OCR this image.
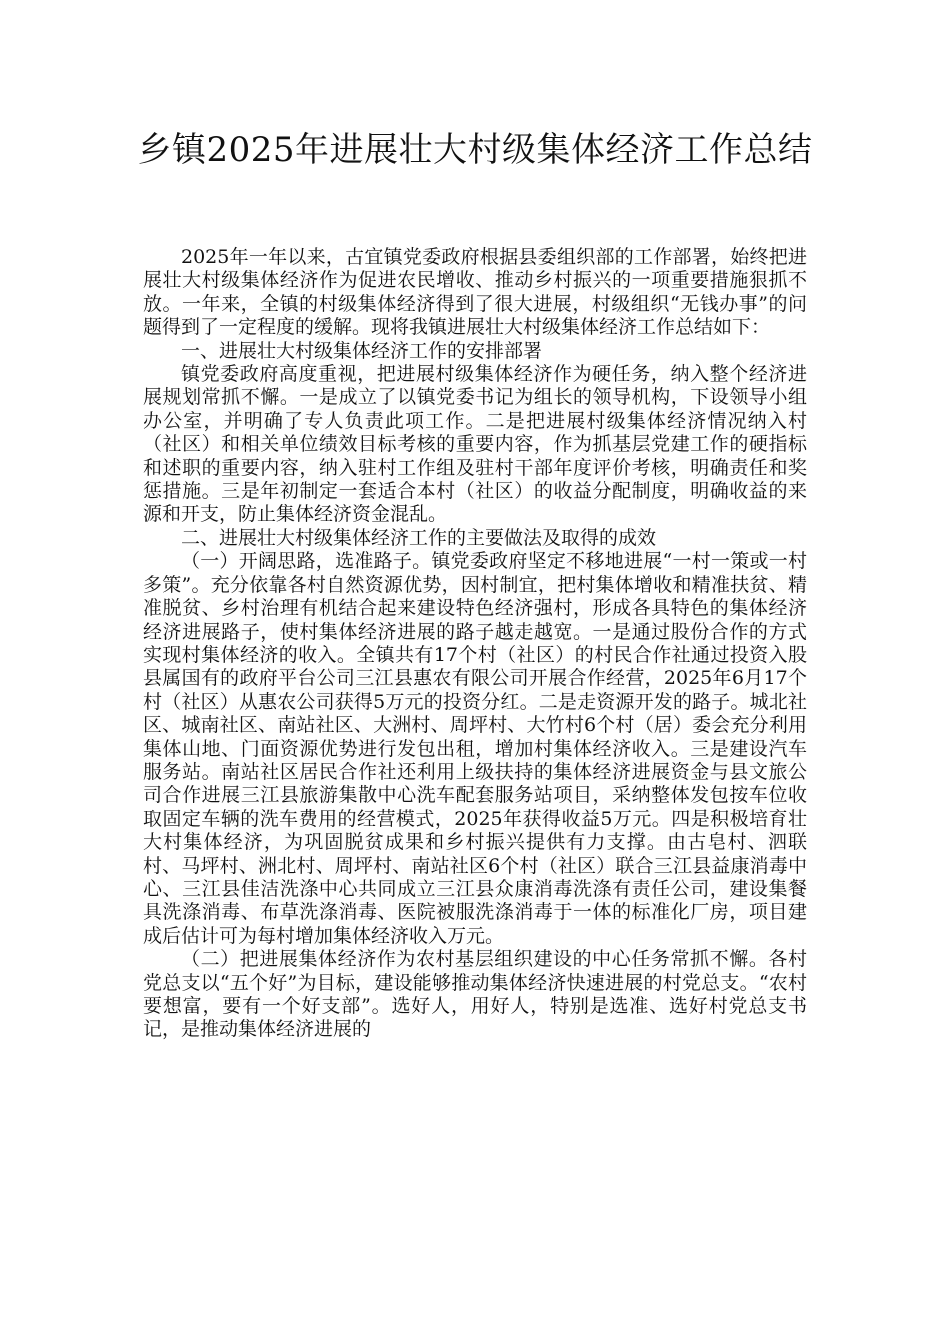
乡镇2025年进展壮大村级集体经济工作总结

2025年一年以来，古宜镇党委政府根据县委组织部的工作部署，始终把进展壮大村级集体经济作为促进农民增收、推动乡村振兴的一项重要措施狠抓不放。一年来，全镇的村级集体经济得到了很大进展，村级组织“无钱办事”的问题得到了一定程度的缓解。现将我镇进展壮大村级集体经济工作总结如下：

一、进展壮大村级集体经济工作的安排部署

镇党委政府高度重视，把进展村级集体经济作为硬任务，纳入整个经济进展规划常抓不懈。一是成立了以镇党委书记为组长的领导机构，下设领导小组办公室，并明确了专人负责此项工作。二是把进展村级集体经济情况纳入村（社区）和相关单位绩效目标考核的重要内容，作为抓基层党建工作的硬指标和述职的重要内容，纳入驻村工作组及驻村干部年度评价考核，明确责任和奖惩措施。三是年初制定一套适合本村（社区）的收益分配制度，明确收益的来源和开支，防止集体经济资金混乱。

二、进展壮大村级集体经济工作的主要做法及取得的成效

（一）开阔思路，选准路子。镇党委政府坚定不移地进展“一村一策或一村多策”。充分依靠各村自然资源优势，因村制宜，把村集体增收和精准扶贫、精准脱贫、乡村治理有机结合起来建设特色经济强村，形成各具特色的集体经济经济进展路子，使村集体经济进展的路子越走越宽。一是通过股份合作的方式实现村集体经济的收入。全镇共有17个村（社区）的村民合作社通过投资入股县属国有的政府平台公司三江县惠农有限公司开展合作经营，2025年6月17个村（社区）从惠农公司获得5万元的投资分红。二是走资源开发的路子。城北社区、城南社区、南站社区、大洲村、周坪村、大竹村6个村（居）委会充分利用集体山地、门面资源优势进行发包出租，增加村集体经济收入。三是建设汽车服务站。南站社区居民合作社还利用上级扶持的集体经济进展资金与县文旅公司合作进展三江县旅游集散中心洗车配套服务站项目，采纳整体发包按车位收取固定车辆的洗车费用的经营模式，2025年获得收益5万元。四是积极培育壮大村集体经济，为巩固脱贫成果和乡村振兴提供有力支撑。由古皂村、泗联村、马坪村、洲北村、周坪村、南站社区6个村（社区）联合三江县益康消毒中心、三江县佳洁洗涤中心共同成立三江县众康消毒洗涤有责任公司，建设集餐具洗涤消毒、布草洗涤消毒、医院被服洗涤消毒于一体的标准化厂房，项目建成后估计可为每村增加集体经济收入万元。

（二）把进展集体经济作为农村基层组织建设的中心任务常抓不懈。各村党总支以“五个好”为目标，建设能够推动集体经济快速进展的村党总支。“农村要想富，要有一个好支部”。选好人，用好人，特别是选准、选好村党总支书记，是推动集体经济进展的
